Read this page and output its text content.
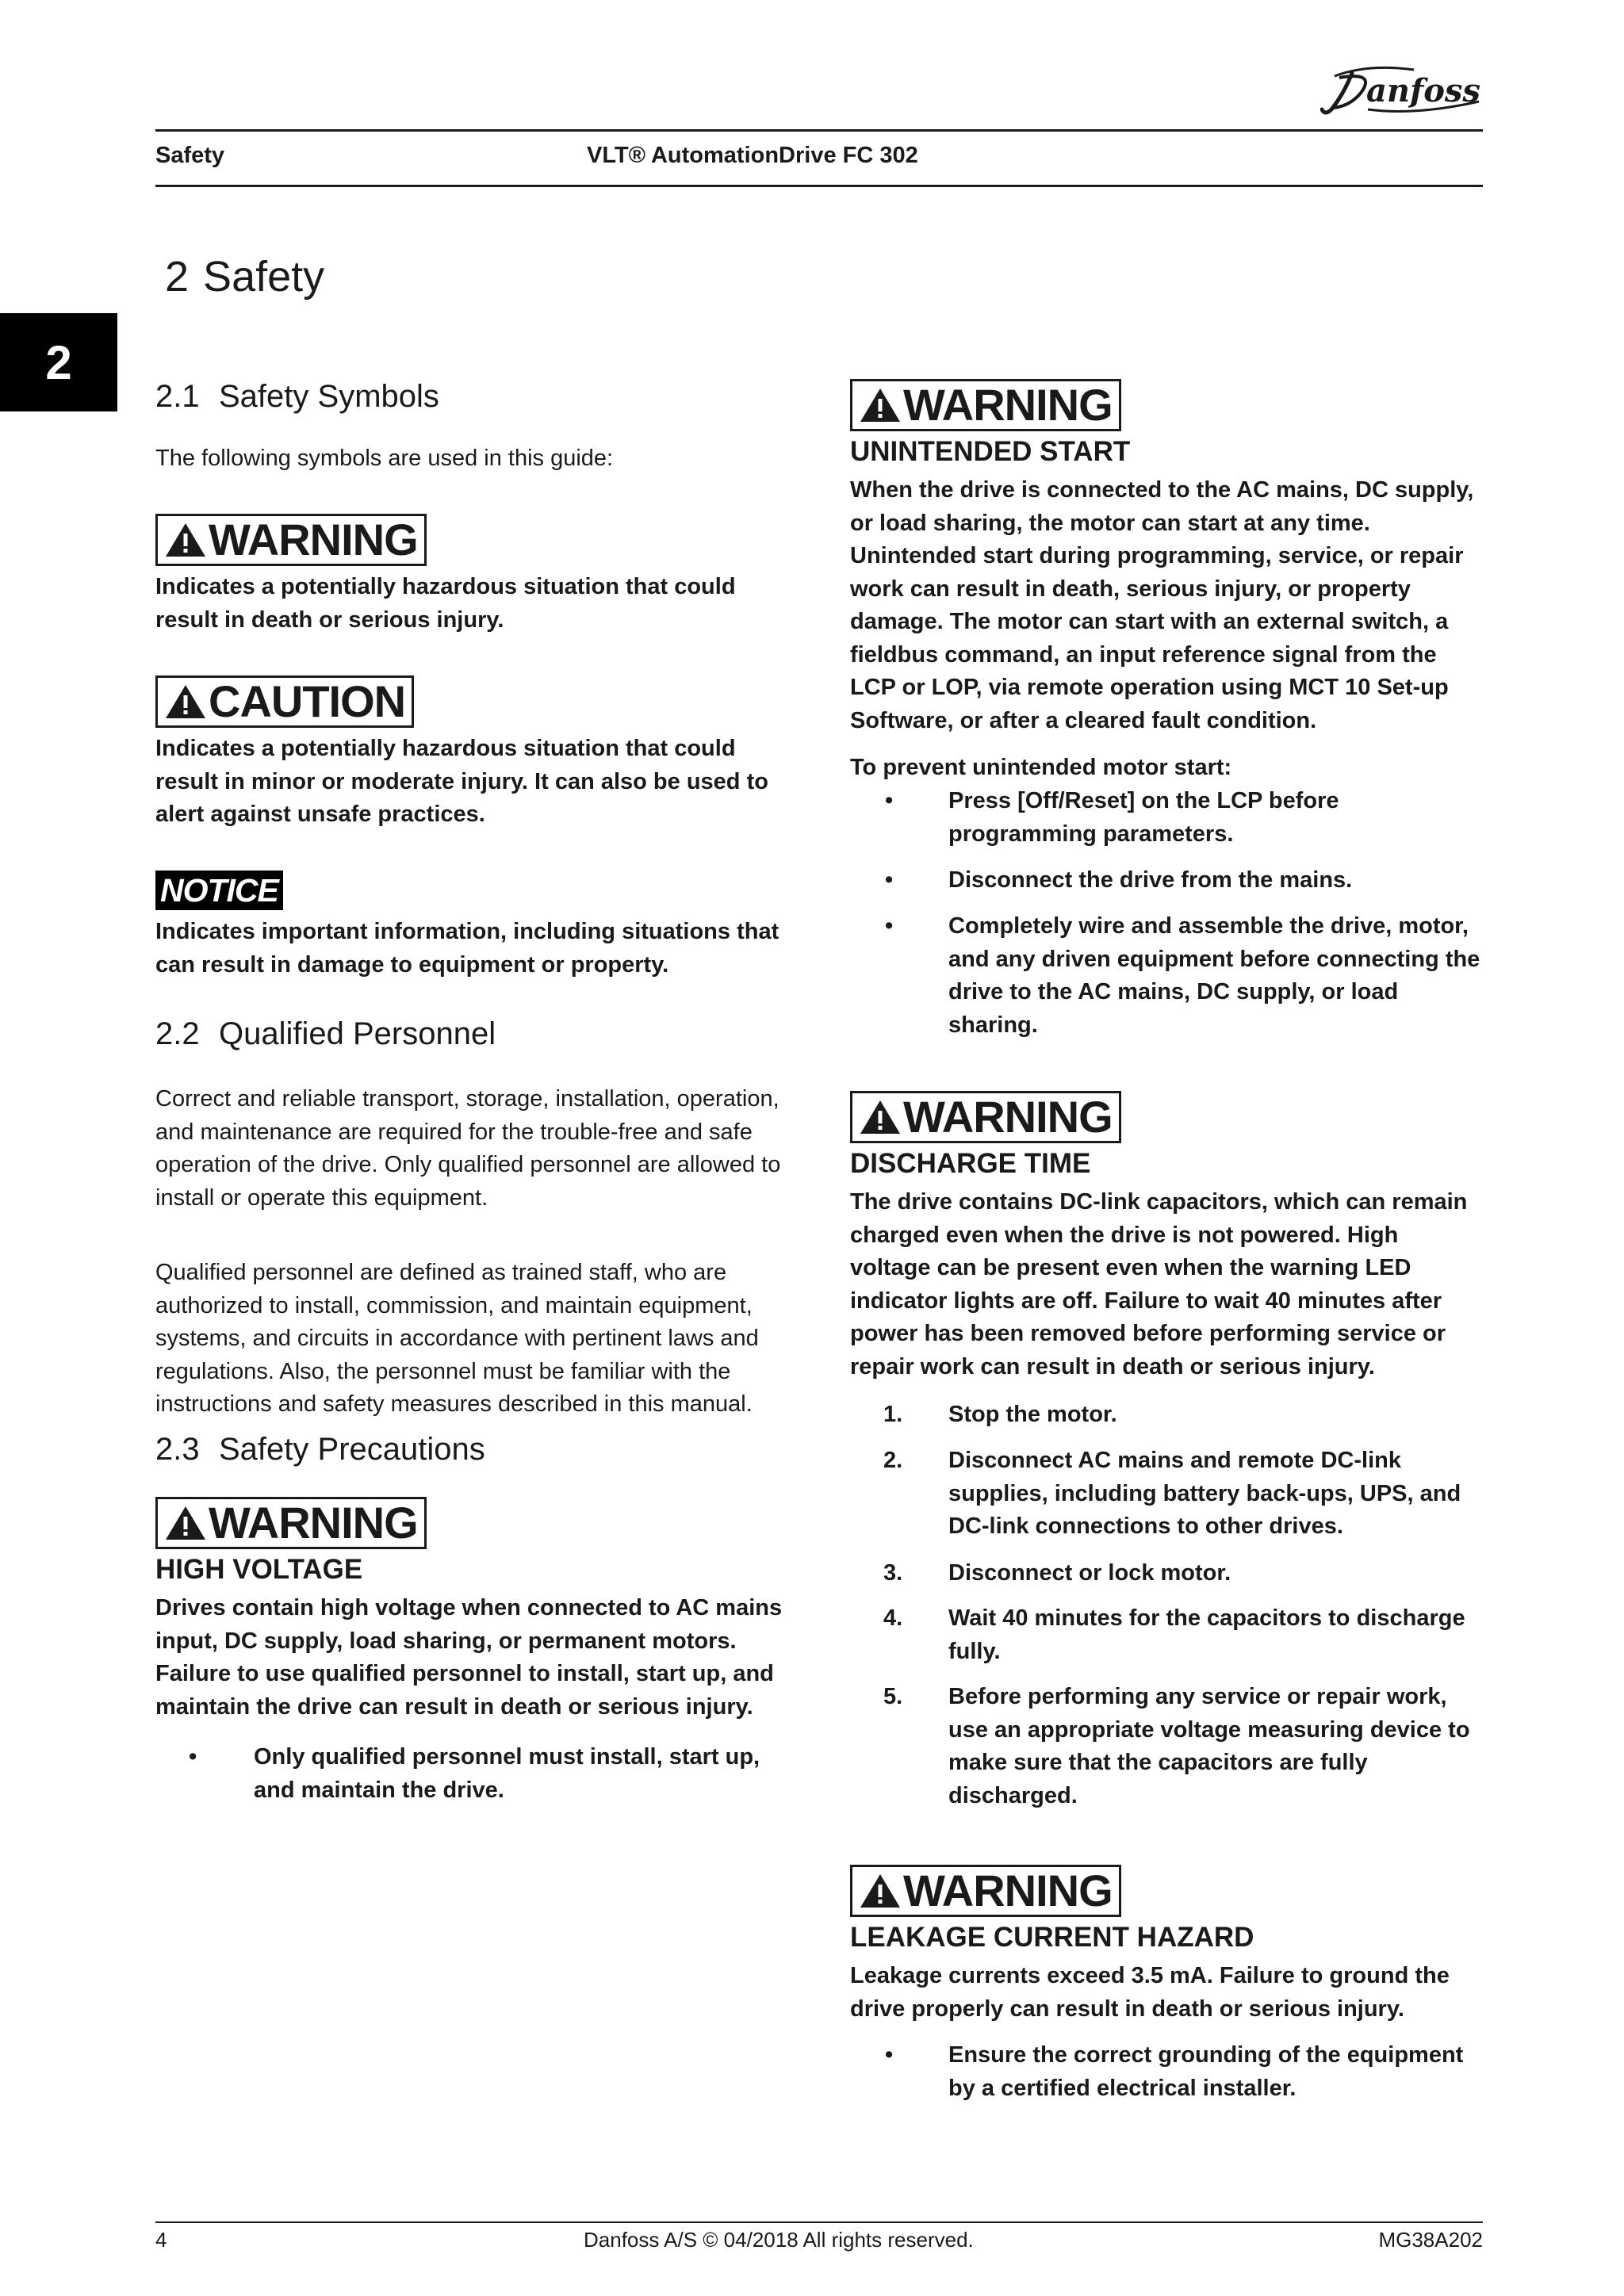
anfoss
Safety	VLT® AutomationDrive FC 302
2
2 Safety
2.1 Safety Symbols
The following symbols are used in this guide:
WARNING
Indicates a potentially hazardous situation that could result in death or serious injury.
CAUTION
Indicates a potentially hazardous situation that could result in minor or moderate injury. It can also be used to alert against unsafe practices.
NOTICE
Indicates important information, including situations that can result in damage to equipment or property.
2.2 Qualified Personnel
Correct and reliable transport, storage, installation, operation, and maintenance are required for the trouble-free and safe operation of the drive. Only qualified personnel are allowed to install or operate this equipment.
Qualified personnel are defined as trained staff, who are authorized to install, commission, and maintain equipment, systems, and circuits in accordance with pertinent laws and regulations. Also, the personnel must be familiar with the instructions and safety measures described in this manual.
2.3 Safety Precautions
WARNING
HIGH VOLTAGE
Drives contain high voltage when connected to AC mains input, DC supply, load sharing, or permanent motors. Failure to use qualified personnel to install, start up, and maintain the drive can result in death or serious injury.
•	Only qualified personnel must install, start up, and maintain the drive.
WARNING
UNINTENDED START
When the drive is connected to the AC mains, DC supply, or load sharing, the motor can start at any time. Unintended start during programming, service, or repair work can result in death, serious injury, or property damage. The motor can start with an external switch, a fieldbus command, an input reference signal from the LCP or LOP, via remote operation using MCT 10 Set-up Software, or after a cleared fault condition.
To prevent unintended motor start:
•	Press [Off/Reset] on the LCP before programming parameters.
•	Disconnect the drive from the mains.
•	Completely wire and assemble the drive, motor, and any driven equipment before connecting the drive to the AC mains, DC supply, or load sharing.
WARNING
DISCHARGE TIME
The drive contains DC-link capacitors, which can remain charged even when the drive is not powered. High voltage can be present even when the warning LED indicator lights are off. Failure to wait 40 minutes after power has been removed before performing service or repair work can result in death or serious injury.
1.	Stop the motor.
2.	Disconnect AC mains and remote DC-link supplies, including battery back-ups, UPS, and DC-link connections to other drives.
3.	Disconnect or lock motor.
4.	Wait 40 minutes for the capacitors to discharge fully.
5.	Before performing any service or repair work, use an appropriate voltage measuring device to make sure that the capacitors are fully discharged.
WARNING
LEAKAGE CURRENT HAZARD
Leakage currents exceed 3.5 mA. Failure to ground the drive properly can result in death or serious injury.
•	Ensure the correct grounding of the equipment by a certified electrical installer.
4	Danfoss A/S © 04/2018 All rights reserved.	MG38A202
